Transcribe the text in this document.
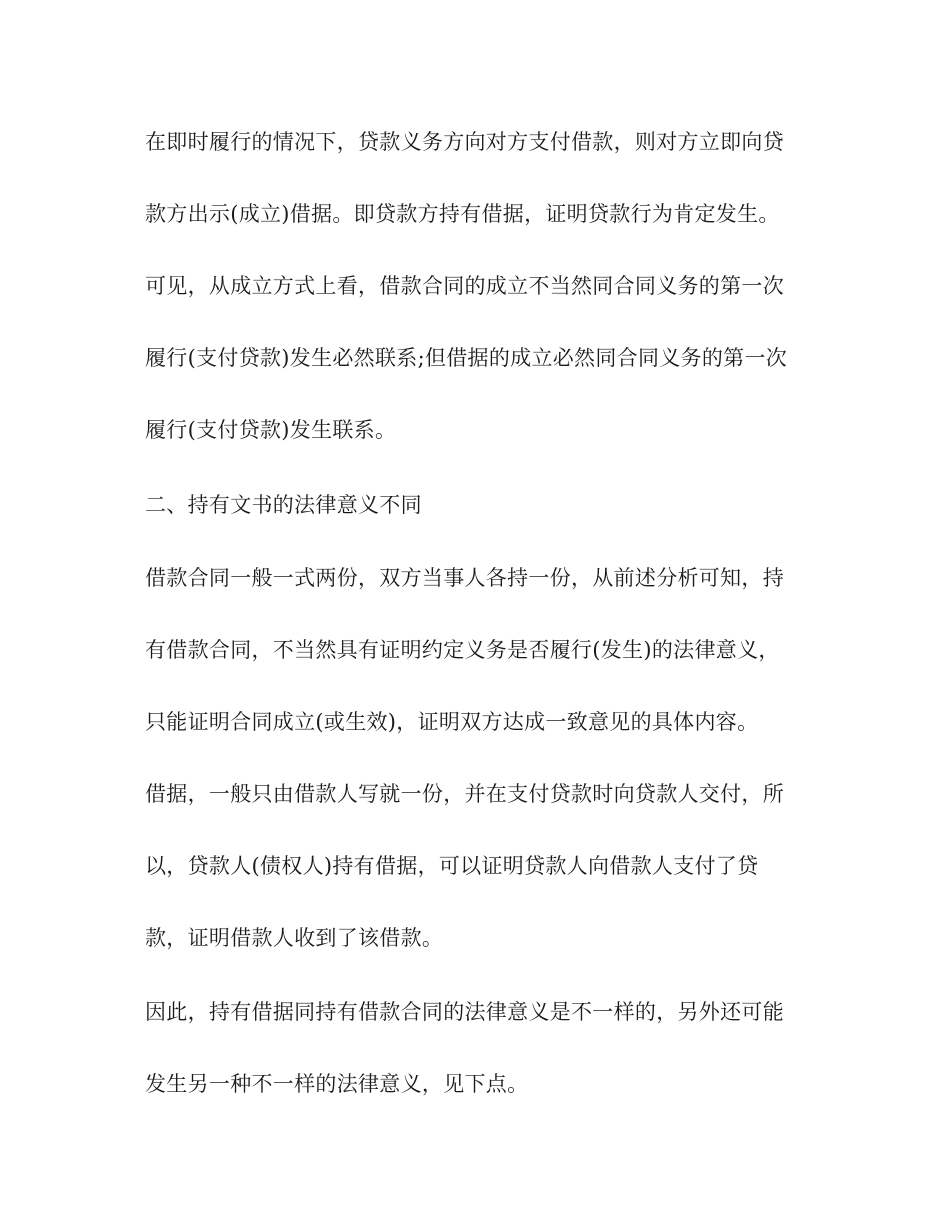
在即时履行的情况下，贷款义务方向对方支付借款，则对方立即向贷
款方出示(成立)借据。即贷款方持有借据，证明贷款行为肯定发生。
可见，从成立方式上看，借款合同的成立不当然同合同义务的第一次
履行(支付贷款)发生必然联系;但借据的成立必然同合同义务的第一次
履行(支付贷款)发生联系。
二、持有文书的法律意义不同
借款合同一般一式两份，双方当事人各持一份，从前述分析可知，持
有借款合同，不当然具有证明约定义务是否履行(发生)的法律意义，
只能证明合同成立(或生效)，证明双方达成一致意见的具体内容。
借据，一般只由借款人写就一份，并在支付贷款时向贷款人交付，所
以，贷款人(债权人)持有借据，可以证明贷款人向借款人支付了贷
款，证明借款人收到了该借款。
因此，持有借据同持有借款合同的法律意义是不一样的，另外还可能
发生另一种不一样的法律意义，见下点。
